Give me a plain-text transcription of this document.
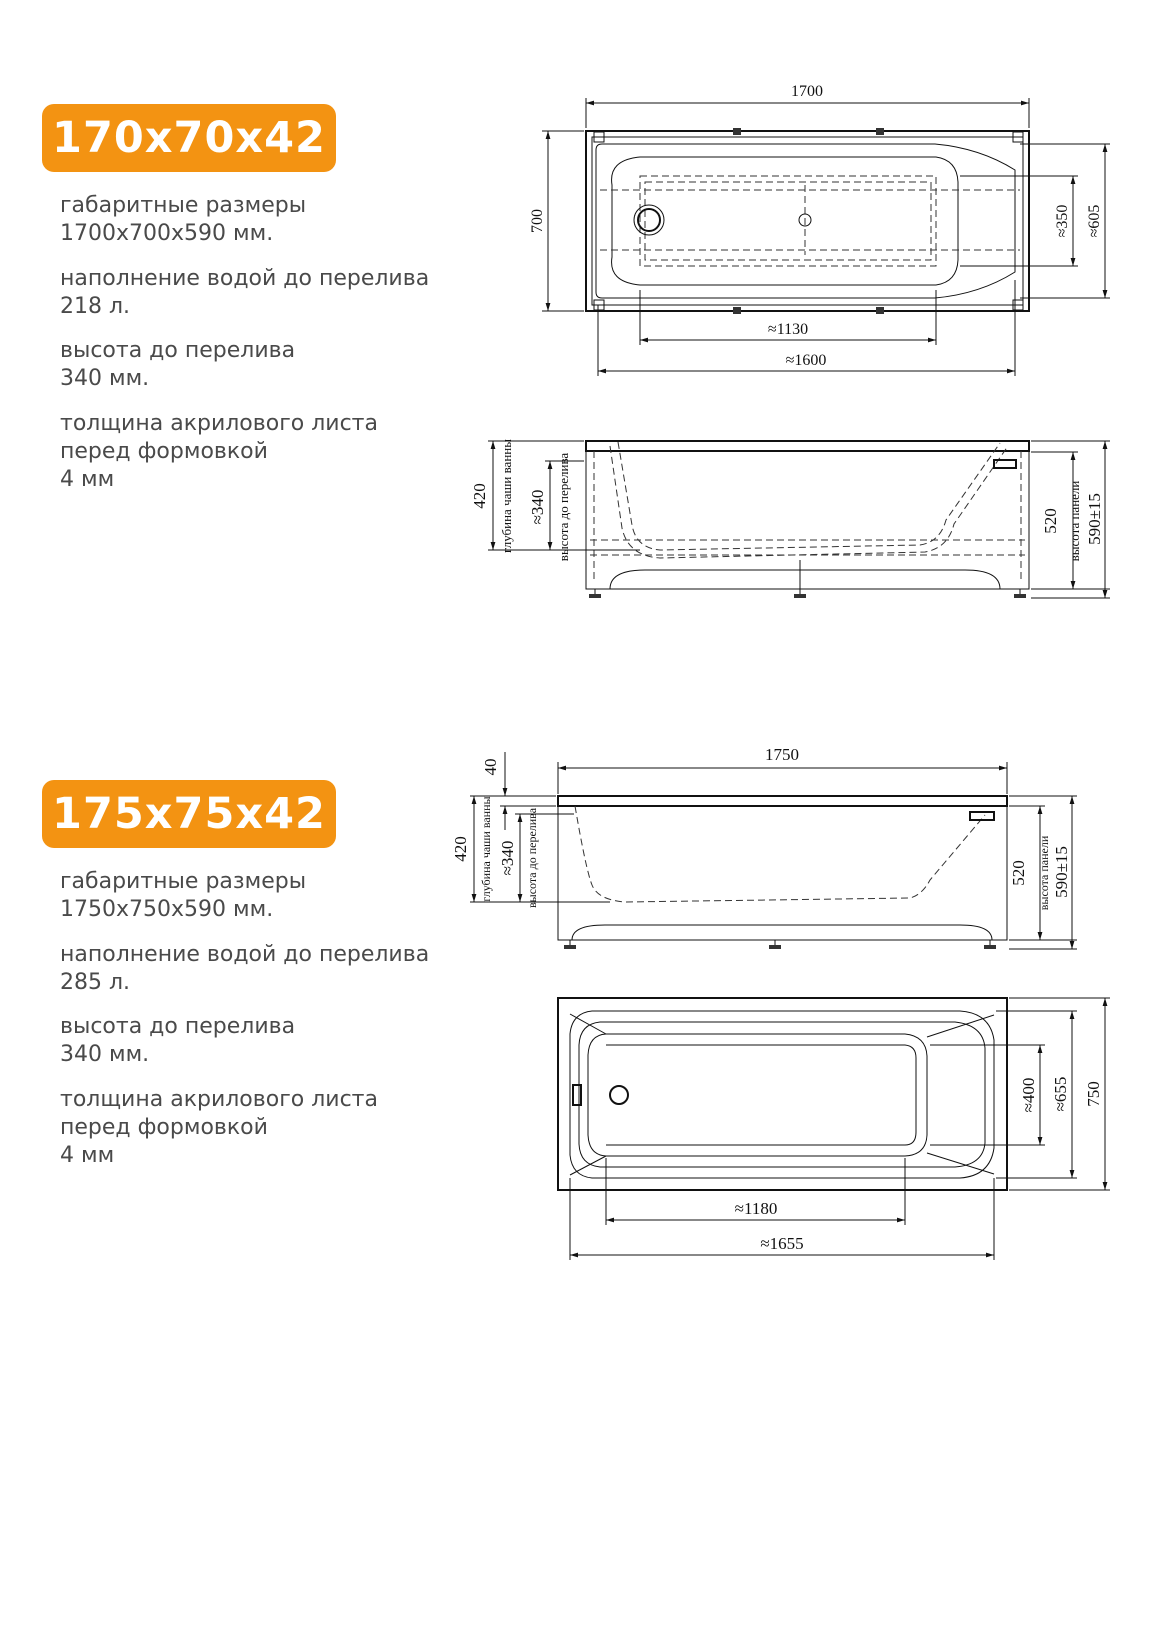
170x70x42
габаритные размеры
1700х700х590 мм.
наполнение водой до перелива
218 л.
высота до перелива
340 мм.
толщина акрилового листа
перед формовкой
4 мм
175x75x42
габаритные размеры
1750х750х590 мм.
наполнение водой до перелива
285 л.
высота до перелива
340 мм.
толщина акрилового листа
перед формовкой
4 мм
1700
700
≈1130
≈1600
≈350 ≈605
420 глубина чаши ванны ≈340 высота до перелива	520 высота панели 590±15
1750
40
420 глубина чаши ванны ≈340 высота до перелива	520 высота панели 590±15
≈400 ≈655 750
≈1180
≈1655
